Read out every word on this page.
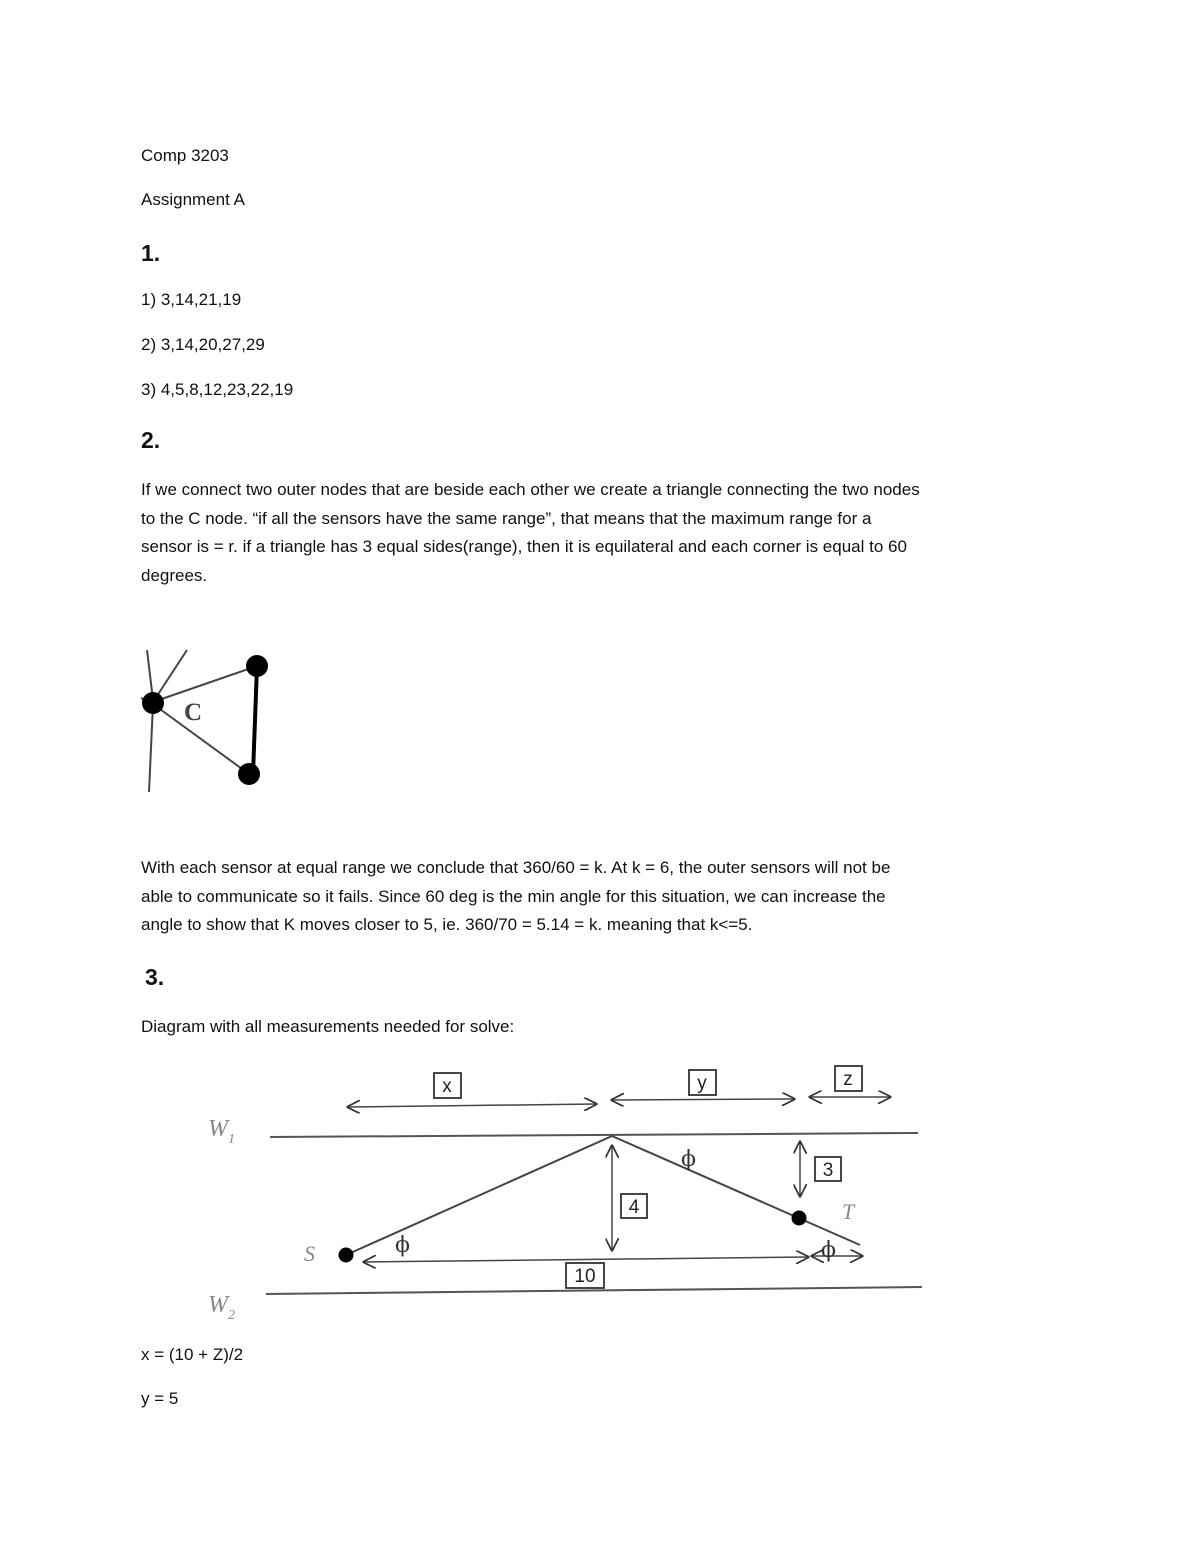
Comp 3203
Assignment A
1.
1) 3,14,21,19
2) 3,14,20,27,29
3) 4,5,8,12,23,22,19
2.
If we connect two outer nodes that are beside each other we create a triangle connecting the two nodes
to the C node. “if all the sensors have the same range”, that means that the maximum range for a
sensor is = r. if a triangle has 3 equal sides(range), then it is equilateral and each corner is equal to 60
degrees.
C
With each sensor at equal range we conclude that 360/60 = k. At k = 6, the outer sensors will not be
able to communicate so it fails. Since 60 deg is the min angle for this situation, we can increase the
angle to show that K moves closer to 5, ie. 360/70 = 5.14 = k. meaning that k<=5.
3.
Diagram with all measurements needed for solve:
x	y	z
$W_1$
$W_2$
4
3
10
ϕ
ϕ
ϕ
S
T
x = (10 + Z)/2
y = 5
